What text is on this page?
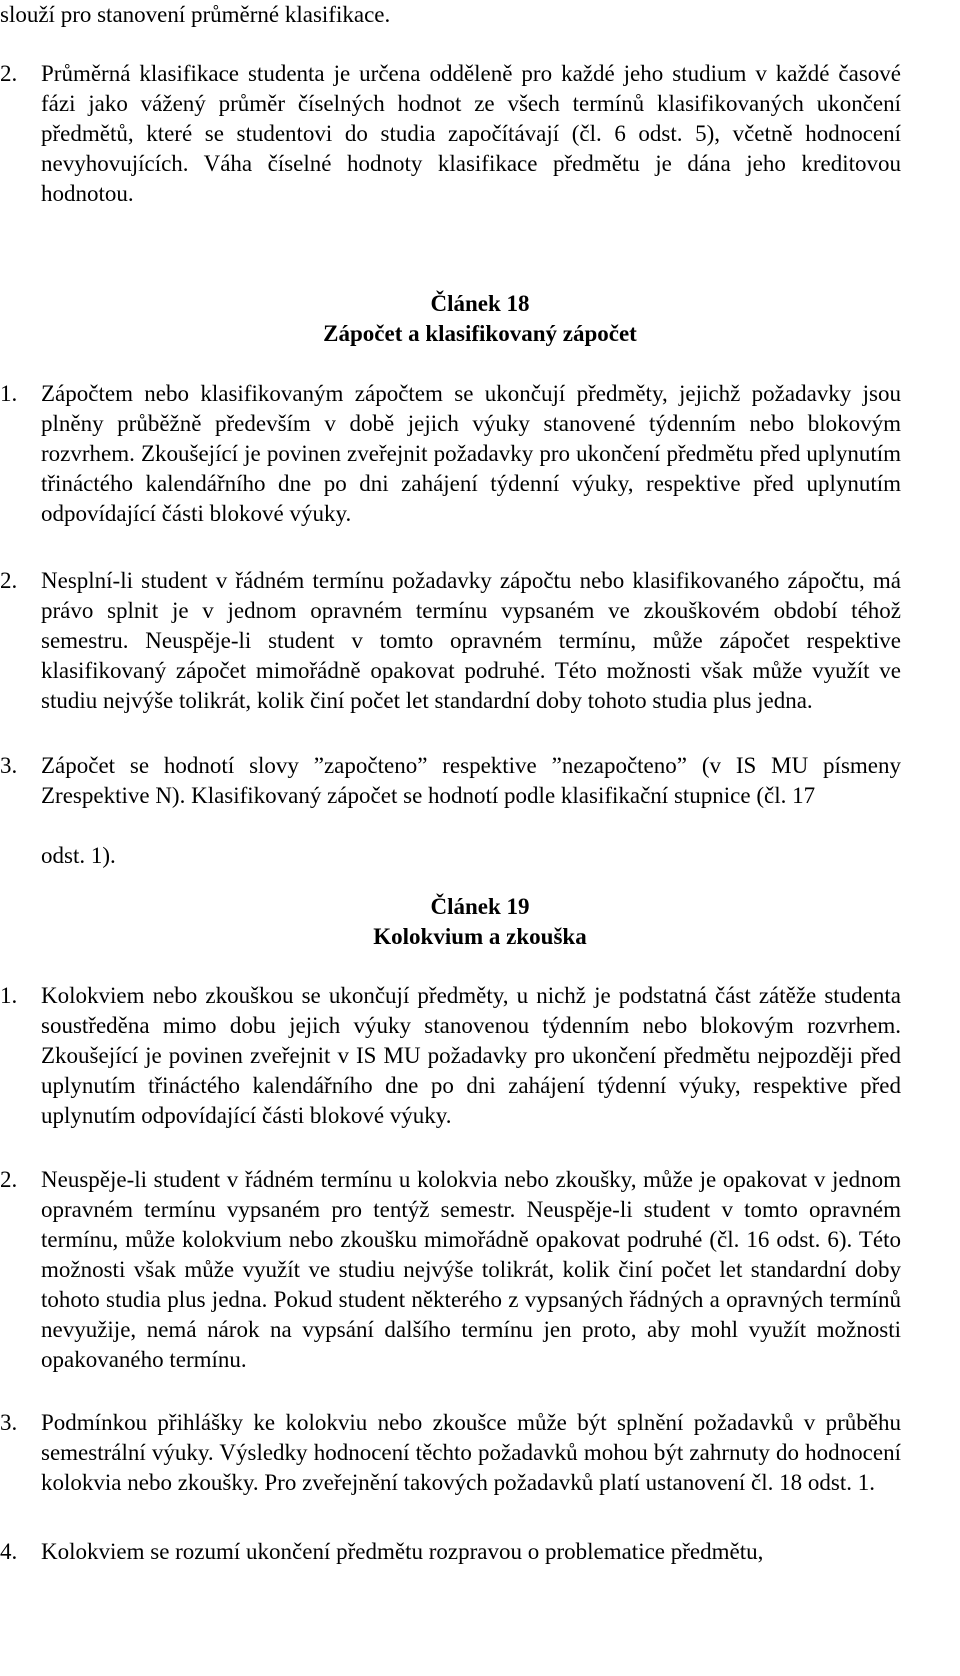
slouží pro stanovení průměrné klasifikace.
2.	Průměrná klasifikace studenta je určena odděleně pro každé jeho studium v každé časové fázi jako vážený průměr číselných hodnot ze všech termínů klasifikovaných ukončení předmětů, které se studentovi do studia započítávají (čl. 6 odst. 5), včetně hodnocení nevyhovujících. Váha číselné hodnoty klasifikace předmětu je dána jeho kreditovou hodnotou.
Článek 18
Zápočet a klasifikovaný zápočet
1.	Zápočtem nebo klasifikovaným zápočtem se ukončují předměty, jejichž požadavky jsou plněny průběžně především v době jejich výuky stanovené týdenním nebo blokovým rozvrhem. Zkoušející je povinen zveřejnit požadavky pro ukončení předmětu před uplynutím třináctého kalendářního dne po dni zahájení týdenní výuky, respektive před uplynutím odpovídající části blokové výuky.
2.	Nesplní-li student v řádném termínu požadavky zápočtu nebo klasifikovaného zápočtu, má právo splnit je v jednom opravném termínu vypsaném ve zkouškovém období téhož semestru. Neuspěje-li student v tomto opravném termínu, může zápočet respektive klasifikovaný zápočet mimořádně opakovat podruhé. Této možnosti však může využít ve studiu nejvýše tolikrát, kolik činí počet let standardní doby tohoto studia plus jedna.
3.	Zápočet se hodnotí slovy ”započteno” respektive ”nezapočteno” (v IS MU písmeny Zrespektive N). Klasifikovaný zápočet se hodnotí podle klasifikační stupnice (čl. 17
odst. 1).
Článek 19
Kolokvium a zkouška
1.	Kolokviem nebo zkouškou se ukončují předměty, u nichž je podstatná část zátěže studenta soustředěna mimo dobu jejich výuky stanovenou týdenním nebo blokovým rozvrhem. Zkoušející je povinen zveřejnit v IS MU požadavky pro ukončení předmětu nejpozději před uplynutím třináctého kalendářního dne po dni zahájení týdenní výuky, respektive před uplynutím odpovídající části blokové výuky.
2.	Neuspěje-li student v řádném termínu u kolokvia nebo zkoušky, může je opakovat v jednom opravném termínu vypsaném pro tentýž semestr. Neuspěje-li student v tomto opravném termínu, může kolokvium nebo zkoušku mimořádně opakovat podruhé (čl. 16 odst. 6). Této možnosti však může využít ve studiu nejvýše tolikrát, kolik činí počet let standardní doby tohoto studia plus jedna. Pokud student některého z vypsaných řádných a opravných termínů nevyužije, nemá nárok na vypsání dalšího termínu jen proto, aby mohl využít možnosti opakovaného termínu.
3.	Podmínkou přihlášky ke kolokviu nebo zkoušce může být splnění požadavků v průběhu semestrální výuky. Výsledky hodnocení těchto požadavků mohou být zahrnuty do hodnocení kolokvia nebo zkoušky. Pro zveřejnění takových požadavků platí ustanovení čl. 18 odst. 1.
4.	Kolokviem se rozumí ukončení předmětu rozpravou o problematice předmětu,
